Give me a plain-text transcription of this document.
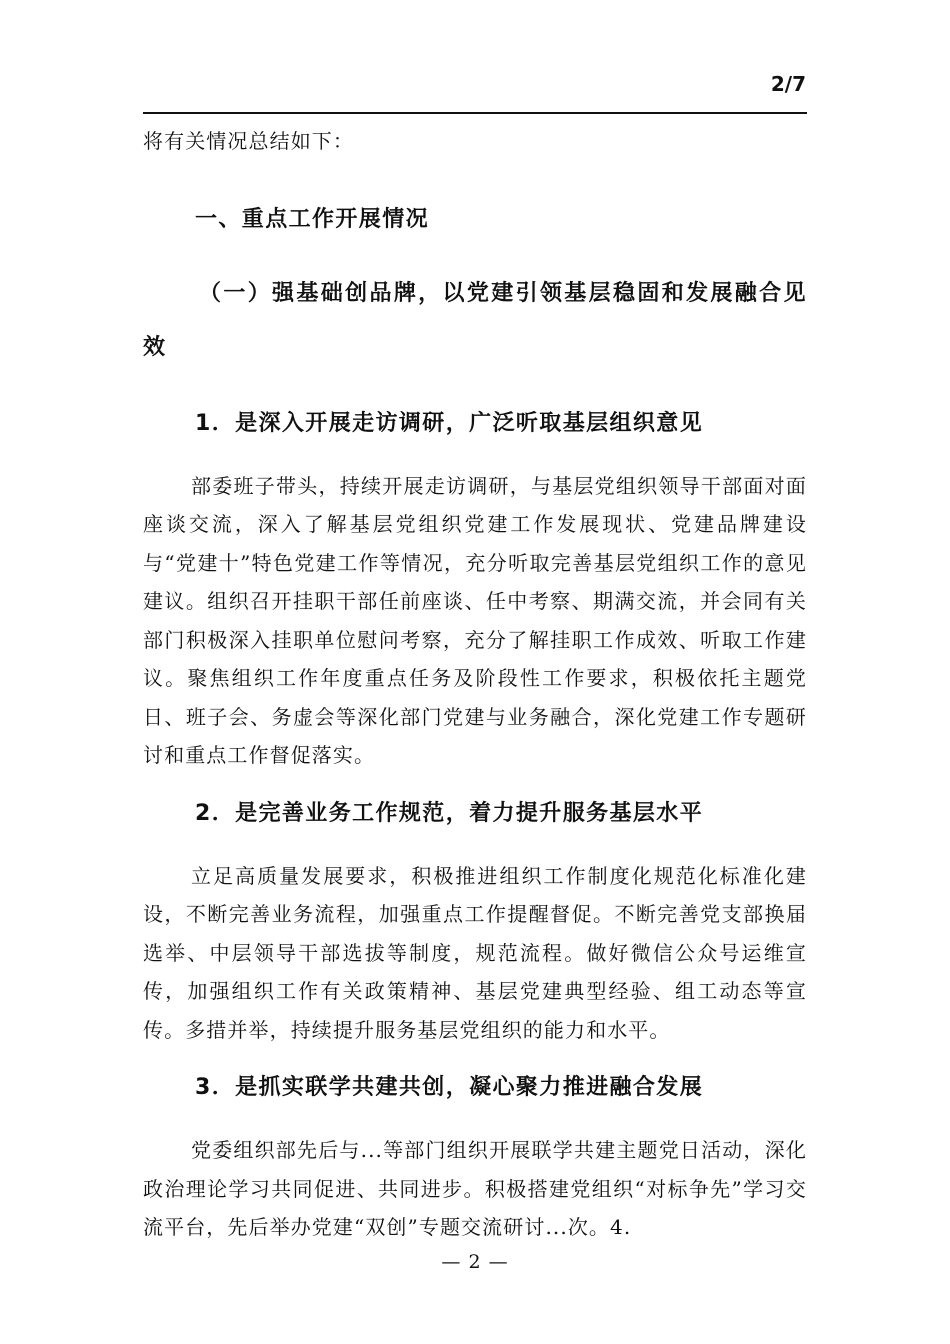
2/7

将有关情况总结如下：

一、重点工作开展情况

（一）强基础创品牌，以党建引领基层稳固和发展融合见效

1．是深入开展走访调研，广泛听取基层组织意见

部委班子带头，持续开展走访调研，与基层党组织领导干部面对面座谈交流，深入了解基层党组织党建工作发展现状、党建品牌建设与“党建十”特色党建工作等情况，充分听取完善基层党组织工作的意见建议。组织召开挂职干部任前座谈、任中考察、期满交流，并会同有关部门积极深入挂职单位慰问考察，充分了解挂职工作成效、听取工作建议。聚焦组织工作年度重点任务及阶段性工作要求，积极依托主题党日、班子会、务虚会等深化部门党建与业务融合，深化党建工作专题研讨和重点工作督促落实。

2．是完善业务工作规范，着力提升服务基层水平

立足高质量发展要求，积极推进组织工作制度化规范化标准化建设，不断完善业务流程，加强重点工作提醒督促。不断完善党支部换届选举、中层领导干部选拔等制度，规范流程。做好微信公众号运维宣传，加强组织工作有关政策精神、基层党建典型经验、组工动态等宣传。多措并举，持续提升服务基层党组织的能力和水平。

3．是抓实联学共建共创，凝心聚力推进融合发展

党委组织部先后与...等部门组织开展联学共建主题党日活动，深化政治理论学习共同促进、共同进步。积极搭建党组织“对标争先”学习交流平台，先后举办党建“双创”专题交流研讨...次。4.

— 2 —
